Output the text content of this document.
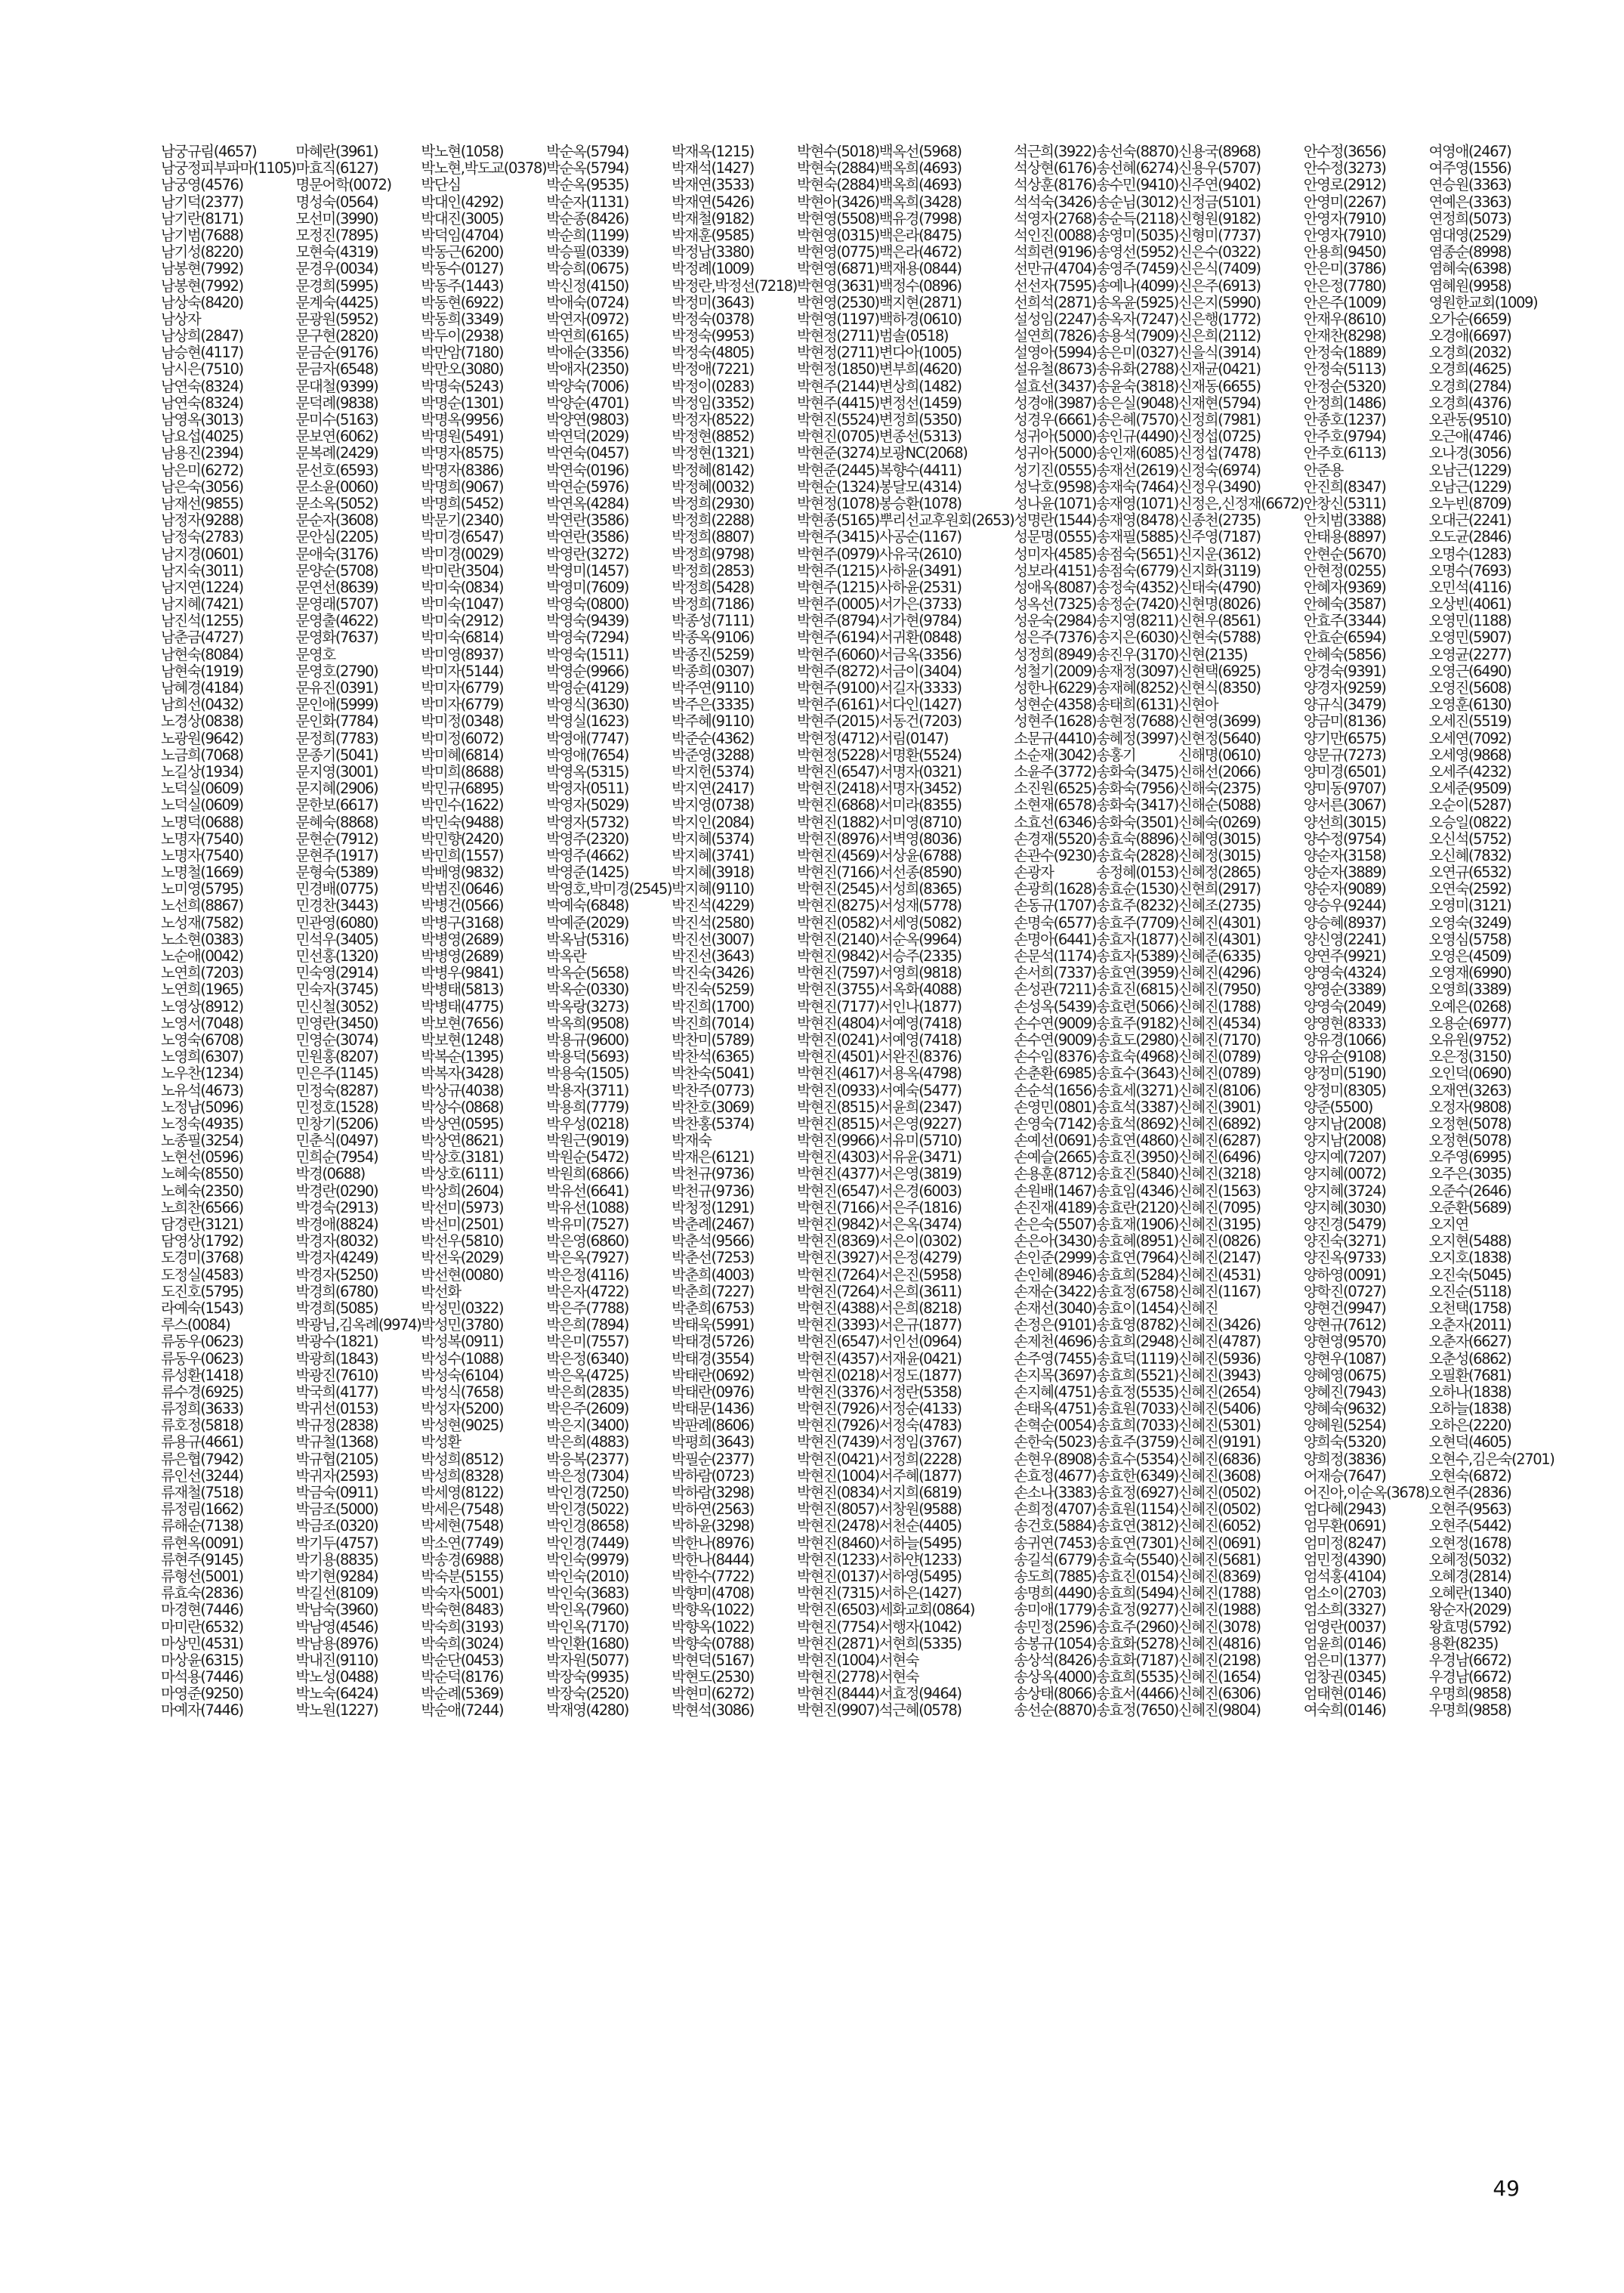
남궁규림(4657)
남궁정피부파마(1105)
남궁영(4576)
남기덕(2377)
남기란(8171)
남기범(7688)
남기성(8220)
남봉현(7992)
남봉현(7992)
남상숙(8420)
남상자
남상희(2847)
남승현(4117)
남시은(7510)
남연숙(8324)
남연숙(8324)
남영옥(3013)
남요섭(4025)
남용진(2394)
남은미(6272)
남은숙(3056)
남재선(9855)
남정자(9288)
남정숙(2783)
남지경(0601)
남지숙(3011)
남지연(1224)
남지혜(7421)
남진석(1255)
남춘금(4727)
남현숙(8084)
남현숙(1919)
남혜경(4184)
남희선(0432)
노경상(0838)
노광원(9642)
노금희(7068)
노길상(1934)
노덕실(0609)
노덕실(0609)
노명덕(0688)
노명자(7540)
노명자(7540)
노명철(1669)
노미영(5795)
노선희(8867)
노성재(7582)
노소현(0383)
노순애(0042)
노연희(7203)
노연희(1965)
노영상(8912)
노영서(7048)
노영숙(6708)
노영희(6307)
노우찬(1234)
노유석(4673)
노정남(5096)
노정숙(4935)
노종필(3254)
노현선(0596)
노혜숙(8550)
노혜숙(2350)
노희찬(6566)
담경란(3121)
담영상(1792)
도경미(3768)
도정실(4583)
도진호(5795)
라예숙(1543)
루스(0084)
류동우(0623)
류동우(0623)
류성환(1418)
류수경(6925)
류정희(3633)
류호정(5818)
류용규(4661)
류은협(7942)
류인선(3244)
류재철(7518)
류정림(1662)
류해순(7138)
류현옥(0091)
류현주(9145)
류형선(5001)
류효숙(2836)
마경현(7446)
마미란(6532)
마상민(4531)
마상윤(6315)
마석용(7446)
마영준(9250)
마예자(7446)
마혜란(3961)
마효직(6127)
명문어학(0072)
명성숙(0564)
모선미(3990)
모정진(7895)
모현숙(4319)
문경우(0034)
문경희(5995)
문계숙(4425)
문광원(5952)
문구현(2820)
문금순(9176)
문금자(6548)
문대철(9399)
문덕례(9838)
문미수(5163)
문보연(6062)
문복례(2429)
문선호(6593)
문소윤(0060)
문소옥(5052)
문순자(3608)
문안심(2205)
문애숙(3176)
문양순(5708)
문연선(8639)
문영래(5707)
문영출(4622)
문영화(7637)
문영호
문영호(2790)
문유진(0391)
문인애(5999)
문인화(7784)
문정희(7783)
문종기(5041)
문지영(3001)
문지혜(2906)
문한보(6617)
문혜숙(8868)
문현순(7912)
문현주(1917)
문형숙(5389)
민경배(0775)
민경찬(3443)
민관영(6080)
민석우(3405)
민선홍(1320)
민숙영(2914)
민숙자(3745)
민신철(3052)
민영란(3450)
민영순(3074)
민원홍(8207)
민은주(1145)
민정숙(8287)
민정호(1528)
민창기(5206)
민춘식(0497)
민희순(7954)
박경(0688)
박경란(0290)
박경숙(2913)
박경애(8824)
박경자(8032)
박경자(4249)
박경자(5250)
박경희(6780)
박경희(5085)
박광님,김옥례(9974)
박광수(1821)
박광희(1843)
박광진(7610)
박국희(4177)
박귀선(0153)
박규정(2838)
박규철(1368)
박규협(2105)
박귀자(2593)
박금숙(0911)
박금조(5000)
박금조(0320)
박기두(4757)
박기용(8835)
박기현(9284)
박길선(8109)
박남숙(3960)
박남영(4546)
박남용(8976)
박내진(9110)
박노성(0488)
박노숙(6424)
박노원(1227)
박노현(1058)
박노현,박도교(0378)
박단심
박대인(4292)
박대진(3005)
박덕임(4704)
박동근(6200)
박동수(0127)
박동주(1443)
박동현(6922)
박동희(3349)
박두이(2938)
박만암(7180)
박만오(3080)
박명숙(5243)
박명순(1301)
박명옥(9956)
박명원(5491)
박명자(8575)
박명자(8386)
박명희(9067)
박명희(5452)
박문기(2340)
박미경(6547)
박미경(0029)
박미란(3504)
박미숙(0834)
박미숙(1047)
박미숙(2912)
박미숙(6814)
박미영(8937)
박미자(5144)
박미자(6779)
박미자(6779)
박미정(0348)
박미정(6072)
박미혜(6814)
박미희(8688)
박민규(6895)
박민수(1622)
박민숙(9488)
박민향(2420)
박민희(1557)
박배영(9832)
박범진(0646)
박병건(0566)
박병구(3168)
박병영(2689)
박병영(2689)
박병우(9841)
박병태(5813)
박병태(4775)
박보현(7656)
박보현(1248)
박복순(1395)
박복자(3428)
박상규(4038)
박상수(0868)
박상연(0595)
박상연(8621)
박상호(3181)
박상호(6111)
박상희(2604)
박선미(5973)
박선미(2501)
박선우(5810)
박선욱(2029)
박선현(0080)
박선화
박성민(0322)
박성민(3780)
박성복(0911)
박성수(1088)
박성숙(6104)
박성식(7658)
박성자(5200)
박성현(9025)
박성환
박성희(8512)
박성희(8328)
박세영(8122)
박세은(7548)
박세현(7548)
박소연(7749)
박송경(6988)
박숙분(5155)
박숙자(5001)
박숙현(8483)
박숙희(3193)
박숙희(3024)
박순단(0453)
박순덕(8176)
박순례(5369)
박순애(7244)
박순옥(5794)
박순옥(5794)
박순옥(9535)
박순자(1131)
박순종(8426)
박순희(1199)
박승필(0339)
박승희(0675)
박신정(4150)
박애숙(0724)
박연자(0972)
박연희(6165)
박애순(3356)
박애자(2350)
박양숙(7006)
박양순(4701)
박양연(9803)
박연덕(2029)
박연숙(0457)
박연숙(0196)
박연순(5976)
박연옥(4284)
박연란(3586)
박연란(3586)
박영란(3272)
박영미(1457)
박영미(7609)
박영숙(0800)
박영숙(9439)
박영숙(7294)
박영숙(1511)
박영순(9966)
박영순(4129)
박영식(3630)
박영실(1623)
박영애(7747)
박영애(7654)
박영옥(5315)
박영자(0511)
박영자(5029)
박영자(5732)
박영주(2320)
박영주(4662)
박영준(1425)
박영호,박미경(2545)
박예숙(6848)
박예준(2029)
박옥남(5316)
박옥란
박옥순(5658)
박옥순(0330)
박옥랑(3273)
박옥희(9508)
박용규(9600)
박용덕(5693)
박용숙(1505)
박용자(3711)
박용희(7779)
박우성(0218)
박원근(9019)
박원순(5472)
박원희(6866)
박유선(6641)
박유선(1088)
박유미(7527)
박은영(6860)
박은옥(7927)
박은정(4116)
박은자(4722)
박은주(7788)
박은희(7894)
박은미(7557)
박은정(6340)
박은옥(4725)
박은희(2835)
박은주(2609)
박은지(3400)
박은희(4883)
박응복(2377)
박은정(7304)
박인경(7250)
박인경(5022)
박인경(8658)
박인경(7449)
박인숙(9979)
박인숙(2010)
박인숙(3683)
박인옥(7960)
박인옥(7170)
박인환(1680)
박자원(5077)
박장숙(9935)
박장숙(2520)
박재영(4280)
박재옥(1215)
박재석(1427)
박재연(3533)
박재연(5426)
박재철(9182)
박재훈(9585)
박정남(3380)
박정례(1009)
박정란,박정선(7218)
박정미(3643)
박정숙(0378)
박정숙(9953)
박정숙(4805)
박정애(7221)
박정이(0283)
박정임(3352)
박정자(8522)
박정현(8852)
박정현(1321)
박정혜(8142)
박정혜(0032)
박정희(2930)
박정희(2288)
박정희(8807)
박정희(9798)
박정희(2853)
박정희(5428)
박정희(7186)
박종성(7111)
박종옥(9106)
박종진(5259)
박종희(0307)
박주연(9110)
박주은(3335)
박주혜(9110)
박준순(4362)
박준영(3288)
박지헌(5374)
박지연(2417)
박지영(0738)
박지인(2084)
박지혜(5374)
박지혜(3741)
박지혜(3918)
박지혜(9110)
박진석(4229)
박진석(2580)
박진선(3007)
박진선(3643)
박진숙(3426)
박진숙(5259)
박진희(1700)
박진희(7014)
박찬미(5789)
박찬석(6365)
박찬숙(5041)
박찬주(0773)
박찬호(3069)
박찬홍(5374)
박재숙
박재은(6121)
박천규(9736)
박천규(9736)
박청정(1291)
박춘례(2467)
박춘석(9566)
박춘선(7253)
박춘희(4003)
박춘희(7227)
박춘희(6753)
박태욱(5991)
박태경(5726)
박태경(3554)
박태란(0692)
박태란(0976)
박태문(1436)
박판례(8606)
박평희(3643)
박필순(2377)
박하람(0723)
박하람(3298)
박하연(2563)
박하윤(3298)
박한나(8976)
박한나(8444)
박한수(7722)
박향미(4708)
박향옥(1022)
박향옥(1022)
박향숙(0788)
박현덕(5167)
박현도(2530)
박현미(6272)
박현석(3086)
박현수(5018)
박현숙(2884)
박현숙(2884)
박현아(3426)
박현영(5508)
박현영(0315)
박현영(0775)
박현영(6871)
박현영(3631)
박현영(2530)
박현영(1197)
박현정(2711)
박현정(2711)
박현정(1850)
박현주(2144)
박현주(4415)
박현진(5524)
박현진(0705)
박현준(3274)
박현준(2445)
박현순(1324)
박현정(1078)
박현종(5165)
박현주(3415)
박현주(0979)
박현주(1215)
박현주(1215)
박현주(0005)
박현주(8794)
박현주(6194)
박현주(6060)
박현주(8272)
박현주(9100)
박현주(6161)
박현주(2015)
박현정(4712)
박현정(5228)
박현진(6547)
박현진(2418)
박현진(6868)
박현진(1882)
박현진(8976)
박현진(4569)
박현진(7166)
박현진(2545)
박현진(8275)
박현진(0582)
박현진(2140)
박현진(9842)
박현진(7597)
박현진(3755)
박현진(7177)
박현진(4804)
박현진(0241)
박현진(4501)
박현진(4617)
박현진(0933)
박현진(8515)
박현진(8515)
박현진(9966)
박현진(4303)
박현진(4377)
박현진(6547)
박현진(7166)
박현진(9842)
박현진(8369)
박현진(3927)
박현진(7264)
박현진(7264)
박현진(4388)
박현진(3393)
박현진(6547)
박현진(4357)
박현진(0218)
박현진(3376)
박현진(7926)
박현진(7926)
박현진(7439)
박현진(0421)
박현진(1004)
박현진(0834)
박현진(8057)
박현진(2478)
박현진(8460)
박현진(1233)
박현진(0137)
박현진(7315)
박현진(6503)
박현진(7754)
박현진(2871)
박현진(1004)
박현진(2778)
박현진(8444)
박현진(9907)
백옥선(5968)
백옥희(4693)
백옥희(4693)
백옥희(3428)
백유경(7998)
백은라(8475)
백은라(4672)
백재용(0844)
백정수(0896)
백지현(2871)
백하경(0610)
범솔(0518)
변다아(1005)
변부희(4620)
변상희(1482)
변정선(1459)
변정희(5350)
변종선(5313)
보광NC(2068)
복향수(4411)
봉달모(4314)
봉승환(1078)
뿌리선교후원회(2653)
사공순(1167)
사유국(2610)
사하윤(3491)
사하윤(2531)
서가은(3733)
서가현(9784)
서귀환(0848)
서금옥(3356)
서금이(3404)
서길자(3333)
서다인(1427)
서동건(7203)
서림(0147)
서명환(5524)
서명자(0321)
서명자(3452)
서미라(8355)
서미영(8710)
서벽영(8036)
서상윤(6788)
서선종(8590)
서성희(8365)
서성재(5778)
서세영(5082)
서순옥(9964)
서승주(2335)
서영희(9818)
서옥화(4088)
서인나(1877)
서예영(7418)
서예영(7418)
서완진(8376)
서용옥(4798)
서예숙(5477)
서윤희(2347)
서은영(9227)
서유미(5710)
서유윤(3471)
서은영(3819)
서은경(6003)
서은주(1816)
서은옥(3474)
서은이(0302)
서은정(4279)
서은진(5958)
서은희(3611)
서은희(8218)
서은규(1877)
서인선(0964)
서재윤(0421)
서정도(1877)
서정란(5358)
서정순(4133)
서정숙(4783)
서정임(3767)
서정희(2228)
서주혜(1877)
서지희(6819)
서창원(9588)
서천순(4405)
서하늘(5495)
서하얀(1233)
서하영(5495)
서하은(1427)
세화교회(0864)
서행자(1042)
서현희(5335)
서현숙
서현숙
서효정(9464)
석근혜(0578)
석근희(3922)
석상현(6176)
석상훈(8176)
석석숙(3426)
석영자(2768)
석인진(0088)
석희련(9196)
선만규(4704)
선선자(7595)
선희석(2871)
설성임(2247)
설연희(7826)
설영아(5994)
설유철(8673)
설효선(3437)
성경애(3987)
성경우(6661)
성귀아(5000)
성귀아(5000)
성기진(0555)
성낙호(9598)
성나윤(1071)
성명란(1544)
성문명(0555)
성미자(4585)
성보라(4151)
성애옥(8087)
성옥선(7325)
성운숙(2984)
성은주(7376)
성정희(8949)
성철기(2009)
성한나(6229)
성현순(4358)
성현주(1628)
소문규(4410)
소순재(3042)
소윤주(3772)
소진원(6525)
소현재(6578)
소효선(6346)
손경재(5520)
손관수(9230)
손광자
손광희(1628)
손동규(1707)
손명숙(6577)
손명아(6441)
손문석(1174)
손서희(7337)
손성관(7211)
손성옥(5439)
손수연(9009)
손수연(9009)
손수임(8376)
손춘환(6985)
손순석(1656)
손영민(0801)
손영숙(7142)
손예선(0691)
손예슬(2665)
손용훈(8712)
손원배(1467)
손진재(4189)
손은숙(5507)
손은아(3430)
손인준(2999)
손인혜(8946)
손재순(3422)
손재선(3040)
손정은(9101)
손제천(4696)
손주영(7455)
손지목(3697)
손지혜(4751)
손태옥(4751)
손혁순(0054)
손한숙(5023)
손현우(8908)
손효정(4677)
손소나(3383)
손희정(4707)
송건호(5884)
송귀연(7453)
송길석(6779)
송도희(7885)
송명희(4490)
송미애(1779)
송민정(2596)
송봉규(1054)
송상석(8426)
송상옥(4000)
송상태(8066)
송선순(8870)
송선숙(8870)
송선혜(6274)
송수민(9410)
송순님(3012)
송순득(2118)
송영미(5035)
송영선(5952)
송영주(7459)
송예나(4099)
송옥윤(5925)
송옥자(7247)
송용석(7909)
송은미(0327)
송유화(2788)
송윤숙(3818)
송은실(9048)
송은혜(7570)
송인규(4490)
송인재(6085)
송재선(2619)
송재숙(7464)
송재영(1071)
송재영(8478)
송재필(5885)
송점숙(5651)
송점숙(6779)
송정숙(4352)
송정순(7420)
송지영(8211)
송지은(6030)
송진우(3170)
송재정(3097)
송재혜(8252)
송태희(6131)
송현정(7688)
송혜정(3997)
송홍기
송화숙(3475)
송화숙(7956)
송화숙(3417)
송화숙(3501)
송효숙(8896)
송효숙(2828)
송정혜(0153)
송효순(1530)
송효주(8232)
송효주(7709)
송효자(1877)
송효자(5389)
송효연(3959)
송효진(6815)
송효련(5066)
송효주(9182)
송효도(2980)
송효숙(4968)
송효수(3643)
송효세(3271)
송효석(3387)
송효석(8692)
송효연(4860)
송효진(3950)
송효진(5840)
송효임(4346)
송효란(2120)
송효재(1906)
송효혜(8951)
송효연(7964)
송효희(5284)
송효정(6758)
송효이(1454)
송효영(8782)
송효희(2948)
송효덕(1119)
송효희(5521)
송효정(5535)
송효원(7033)
송효희(7033)
송효주(3759)
송효수(5354)
송효한(6349)
송효정(6927)
송효원(1154)
송효연(3812)
송효연(7301)
송효숙(5540)
송효진(0154)
송효희(5494)
송효정(9277)
송효주(2960)
송효화(5278)
송효화(7187)
송효희(5535)
송효서(4466)
송효정(7650)
신용국(8968)
신용우(5707)
신주연(9402)
신정금(5101)
신형원(9182)
신형미(7737)
신은수(0322)
신은식(7409)
신은주(6913)
신은지(5990)
신은행(1772)
신은희(2112)
신을식(3914)
신재균(0421)
신재동(6655)
신재현(5794)
신정희(7981)
신정섭(0725)
신정섭(7478)
신정숙(6974)
신정우(3490)
신정은,신정재(6672)
신종천(2735)
신주영(7187)
신지운(3612)
신지화(3119)
신태숙(4790)
신현명(8026)
신현우(8561)
신현숙(5788)
신현(2135)
신현택(6925)
신현식(8350)
신현아
신현영(3699)
신현정(5640)
신해명(0610)
신해선(2066)
신해숙(2375)
신해순(5088)
신혜숙(0269)
신혜영(3015)
신혜정(3015)
신혜정(2865)
신현희(2917)
신혜조(2735)
신혜진(4301)
신혜진(4301)
신혜준(6335)
신혜진(4296)
신혜진(7950)
신혜진(1788)
신혜진(4534)
신혜진(7170)
신혜진(0789)
신혜진(0789)
신혜진(8106)
신혜진(3901)
신혜진(6892)
신혜진(6287)
신혜진(6496)
신혜진(3218)
신혜진(1563)
신혜진(7095)
신혜진(3195)
신혜진(0826)
신혜진(2147)
신혜진(4531)
신혜진(1167)
신혜진
신혜진(3426)
신혜진(4787)
신혜진(5936)
신혜진(3943)
신혜진(2654)
신혜진(5406)
신혜진(5301)
신혜진(9191)
신혜진(6836)
신혜진(3608)
신혜진(0502)
신혜진(0502)
신혜진(6052)
신혜진(0691)
신혜진(5681)
신혜진(8369)
신혜진(1788)
신혜진(1988)
신혜진(3078)
신혜진(4816)
신혜진(2198)
신혜진(1654)
신혜진(6306)
신혜진(9804)
안수정(3656)
안수정(3273)
안영로(2912)
안영미(2267)
안영자(7910)
안영자(7910)
안용희(9450)
안은미(3786)
안은정(7780)
안은주(1009)
안재우(8610)
안재찬(8298)
안정숙(1889)
안정숙(5113)
안정순(5320)
안정희(1486)
안종호(1237)
안주호(9794)
안주호(6113)
안준용
안진희(8347)
안창신(5311)
안치범(3388)
안태용(8897)
안현순(5670)
안현정(0255)
안혜자(9369)
안혜숙(3587)
안효주(3344)
안효순(6594)
안혜숙(5856)
양경숙(9391)
양경자(9259)
양규식(3479)
양금미(8136)
양기만(6575)
양문규(7273)
양미경(6501)
양미동(9707)
양서른(3067)
양선희(3015)
양수정(9754)
양순자(3158)
양순자(3889)
양순자(9089)
양승우(9244)
양승혜(8937)
양신영(2241)
양연주(9921)
양영숙(4324)
양영순(3389)
양영숙(2049)
양영현(8333)
양유경(1066)
양유순(9108)
양정미(5190)
양정미(8305)
양준(5500)
양지남(2008)
양지남(2008)
양지예(7207)
양지혜(0072)
양지혜(3724)
양지혜(3030)
양진경(5479)
양진숙(3271)
양진옥(9733)
양하영(0091)
양학진(0727)
양현건(9947)
양현규(7612)
양현영(9570)
양현우(1087)
양혜영(0675)
양혜진(7943)
양혜숙(9632)
양혜원(5254)
양희숙(5320)
양희정(3836)
어재승(7647)
어진아,이순옥(3678)
엄다혜(2943)
엄무환(0691)
엄미정(8247)
엄민정(4390)
엄석홍(4104)
엄소이(2703)
엄소희(3327)
엄영란(0037)
엄윤희(0146)
엄은미(1377)
엄창권(0345)
엄태현(0146)
여숙희(0146)
여영애(2467)
여주영(1556)
연승원(3363)
연예은(3363)
연정희(5073)
염대영(2529)
염종순(8998)
염혜숙(6398)
염혜원(9958)
영원한교회(1009)
오가순(6659)
오경애(6697)
오경희(2032)
오경희(4625)
오경희(2784)
오경희(4376)
오관동(9510)
오근애(4746)
오나경(3056)
오남근(1229)
오남근(1229)
오누빈(8709)
오대근(2241)
오도균(2846)
오명수(1283)
오명수(7693)
오민석(4116)
오상빈(4061)
오영민(1188)
오영민(5907)
오영균(2277)
오영근(6490)
오영진(5608)
오영훈(6130)
오세진(5519)
오세연(7092)
오세영(9868)
오세주(4232)
오세준(9509)
오순이(5287)
오승일(0822)
오신석(5752)
오신혜(7832)
오연규(6532)
오연숙(2592)
오영미(3121)
오영숙(3249)
오영심(5758)
오영은(4509)
오영재(6990)
오영희(3389)
오예은(0268)
오용순(6977)
오유원(9752)
오은정(3150)
오인덕(0690)
오재연(3263)
오정자(9808)
오정현(5078)
오정현(5078)
오주영(6995)
오주은(3035)
오준수(2646)
오준환(5689)
오지연
오지현(5488)
오지호(1838)
오진숙(5045)
오진순(5118)
오천택(1758)
오춘자(2011)
오춘자(6627)
오춘성(6862)
오필환(7681)
오하나(1838)
오하늘(1838)
오하은(2220)
오현덕(4605)
오현수,김은숙(2701)
오현숙(6872)
오현주(2836)
오현주(9563)
오현주(5442)
오현정(1678)
오혜정(5032)
오혜경(2814)
오혜란(1340)
왕순자(2029)
왕효명(5792)
용환(8235)
우경남(6672)
우경남(6672)
우명희(9858)
우명희(9858)
49
